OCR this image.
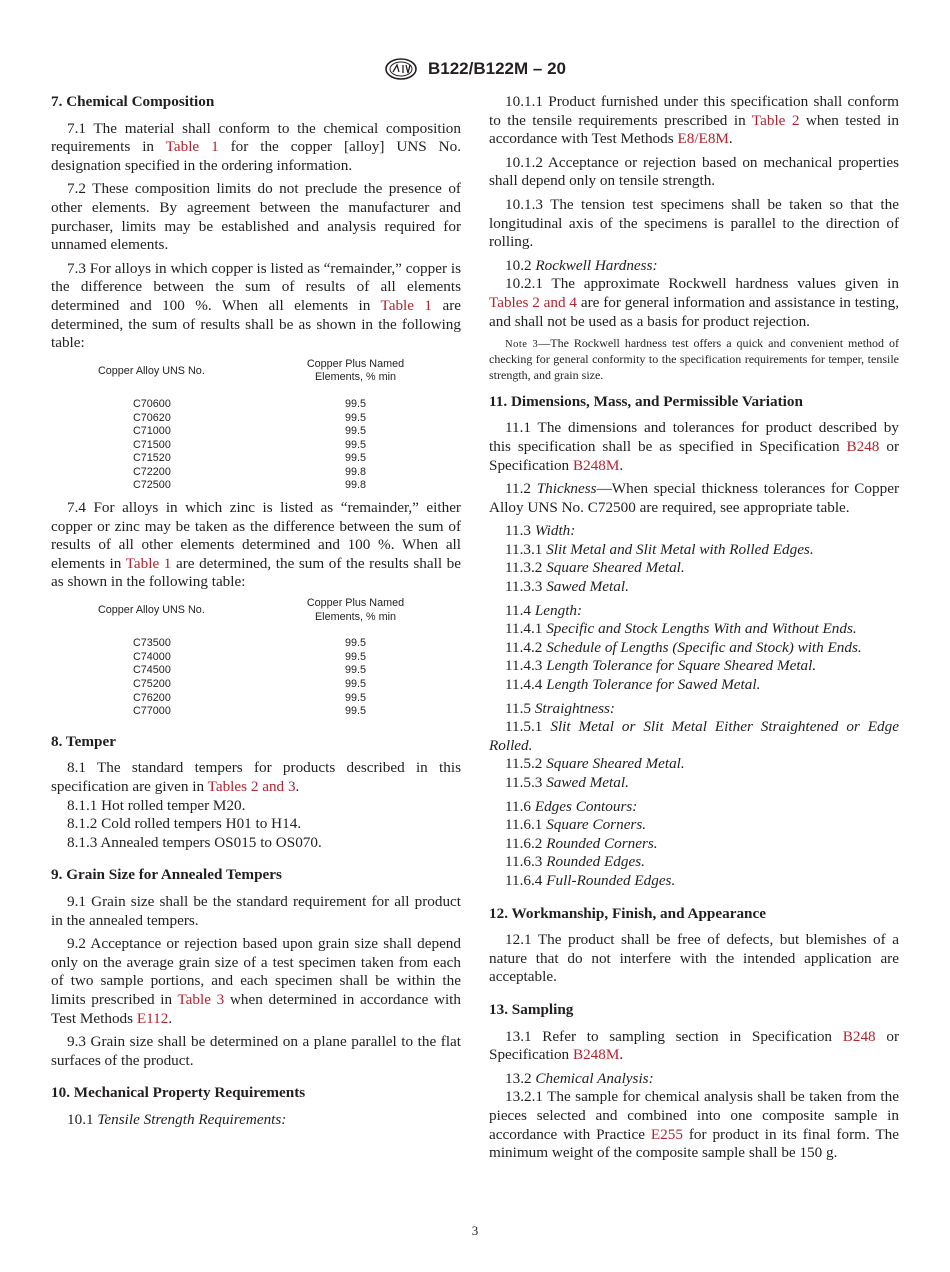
B122/B122M – 20
7. Chemical Composition

7.1 The material shall conform to the chemical composition requirements in Table 1 for the copper [alloy] UNS No. designation specified in the ordering information.

7.2 These composition limits do not preclude the presence of other elements. By agreement between the manufacturer and purchaser, limits may be established and analysis required for unnamed elements.

7.3 For alloys in which copper is listed as “remainder,” copper is the difference between the sum of results of all elements determined and 100 %. When all elements in Table 1 are determined, the sum of results shall be as shown in the following table:

Copper Alloy UNS No.	Copper Plus Named Elements, % min
C70600	99.5
C70620	99.5
C71000	99.5
C71500	99.5
C71520	99.5
C72200	99.8
C72500	99.8

7.4 For alloys in which zinc is listed as “remainder,” either copper or zinc may be taken as the difference between the sum of results of all other elements determined and 100 %. When all elements in Table 1 are determined, the sum of the results shall be as shown in the following table:

Copper Alloy UNS No.	Copper Plus Named Elements, % min
C73500	99.5
C74000	99.5
C74500	99.5
C75200	99.5
C76200	99.5
C77000	99.5
8. Temper

8.1 The standard tempers for products described in this specification are given in Tables 2 and 3.

8.1.1 Hot rolled temper M20.

8.1.2 Cold rolled tempers H01 to H14.

8.1.3 Annealed tempers OS015 to OS070.

9. Grain Size for Annealed Tempers

9.1 Grain size shall be the standard requirement for all product in the annealed tempers.

9.2 Acceptance or rejection based upon grain size shall depend only on the average grain size of a test specimen taken from each of two sample portions, and each specimen shall be within the limits prescribed in Table 3 when determined in accordance with Test Methods E112.

9.3 Grain size shall be determined on a plane parallel to the flat surfaces of the product.

10. Mechanical Property Requirements

10.1 Tensile Strength Requirements:

10.1.1 Product furnished under this specification shall conform to the tensile requirements prescribed in Table 2 when tested in accordance with Test Methods E8/E8M.

10.1.2 Acceptance or rejection based on mechanical properties shall depend only on tensile strength.

10.1.3 The tension test specimens shall be taken so that the longitudinal axis of the specimens is parallel to the direction of rolling.

10.2 Rockwell Hardness:

10.2.1 The approximate Rockwell hardness values given in Tables 2 and 4 are for general information and assistance in testing, and shall not be used as a basis for product rejection.

Note 3—The Rockwell hardness test offers a quick and convenient method of checking for general conformity to the specification requirements for temper, tensile strength, and grain size.

11. Dimensions, Mass, and Permissible Variation

11.1 The dimensions and tolerances for product described by this specification shall be as specified in Specification B248 or Specification B248M.

11.2 Thickness—When special thickness tolerances for Copper Alloy UNS No. C72500 are required, see appropriate table.

11.3 Width:

11.3.1 Slit Metal and Slit Metal with Rolled Edges.

11.3.2 Square Sheared Metal.

11.3.3 Sawed Metal.

11.4 Length:

11.4.1 Specific and Stock Lengths With and Without Ends.

11.4.2 Schedule of Lengths (Specific and Stock) with Ends.

11.4.3 Length Tolerance for Square Sheared Metal.

11.4.4 Length Tolerance for Sawed Metal.

11.5 Straightness:

11.5.1 Slit Metal or Slit Metal Either Straightened or Edge Rolled.

11.5.2 Square Sheared Metal.

11.5.3 Sawed Metal.

11.6 Edges Contours:

11.6.1 Square Corners.

11.6.2 Rounded Corners.

11.6.3 Rounded Edges.

11.6.4 Full-Rounded Edges.

12. Workmanship, Finish, and Appearance

12.1 The product shall be free of defects, but blemishes of a nature that do not interfere with the intended application are acceptable.

13. Sampling

13.1 Refer to sampling section in Specification B248 or Specification B248M.

13.2 Chemical Analysis:

13.2.1 The sample for chemical analysis shall be taken from the pieces selected and combined into one composite sample in accordance with Practice E255 for product in its final form. The minimum weight of the composite sample shall be 150 g.

3
